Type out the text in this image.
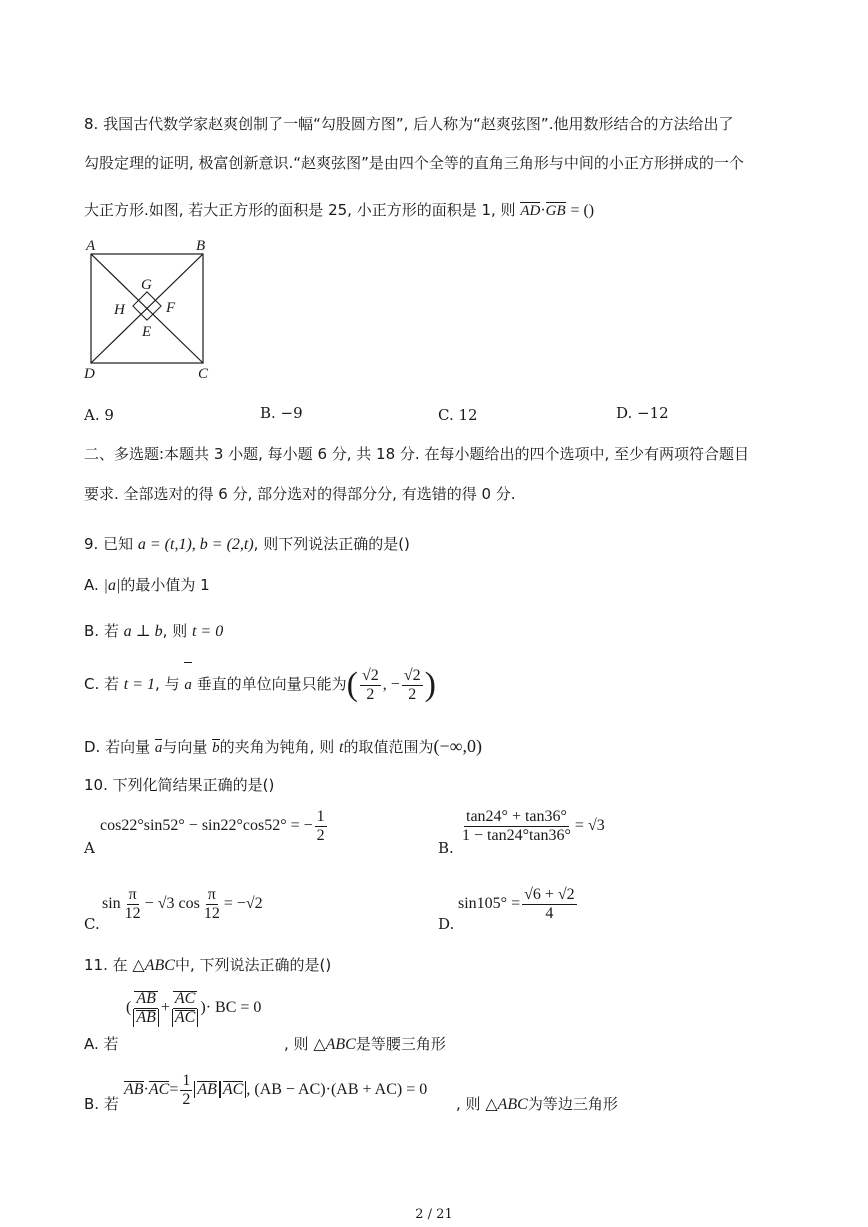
8. 我国古代数学家赵爽创制了一幅“勾股圆方图”, 后人称为“赵爽弦图”.他用数形结合的方法给出了
勾股定理的证明, 极富创新意识.“赵爽弦图”是由四个全等的直角三角形与中间的小正方形拼成的一个
大正方形.如图, 若大正方形的面积是 25, 小正方形的面积是 1, 则 AD·GB = ()
A	B
C
D
G
H	F
E
A. 9	B. −9	C. 12	D. −12
二、多选题:本题共 3 小题, 每小题 6 分, 共 18 分. 在每小题给出的四个选项中, 至少有两项符合题目
要求. 全部选对的得 6 分, 部分选对的得部分分, 有选错的得 0 分.
9. 已知 a = (t,1), b = (2,t), 则下列说法正确的是()
A. |a|的最小值为 1
B. 若 a ⊥ b, 则 t = 0
C. 若 t = 1, 与 a 垂直的单位向量只能为( $\frac{√2}{2}$ , − $\frac{√2}{2}$ )
D. 若向量 a与向量 b的夹角为钝角, 则 t的取值范围为(−∞,0)
10. 下列化简结果正确的是()
A
cos22°sin52° − sin22°cos52° = − $\frac{1}{2}$
B.
$\frac{\tan 24^\circ + \tan 36^\circ}{1 - \tan 24^\circ\tan 36^\circ} = √3$
C.
$\sin \frac{\pi}{12} - √3$ $\cos \frac{\pi}{12} = -√2$
D.
$\sin 105^\circ = \frac{√6 + √2}{4}$
11. 在 △ABC中, 下列说法正确的是()
A. 若
( $\frac{AB}{AB} + \frac{AC}{AC}$ )· BC = 0
, 则 △ABC是等腰三角形
B. 若
$AB\cdot AC= \frac{1}{2}$ AB AC , (AB − AC)·(AB + AC) = 0
, 则 △ABC为等边三角形
2 / 21
